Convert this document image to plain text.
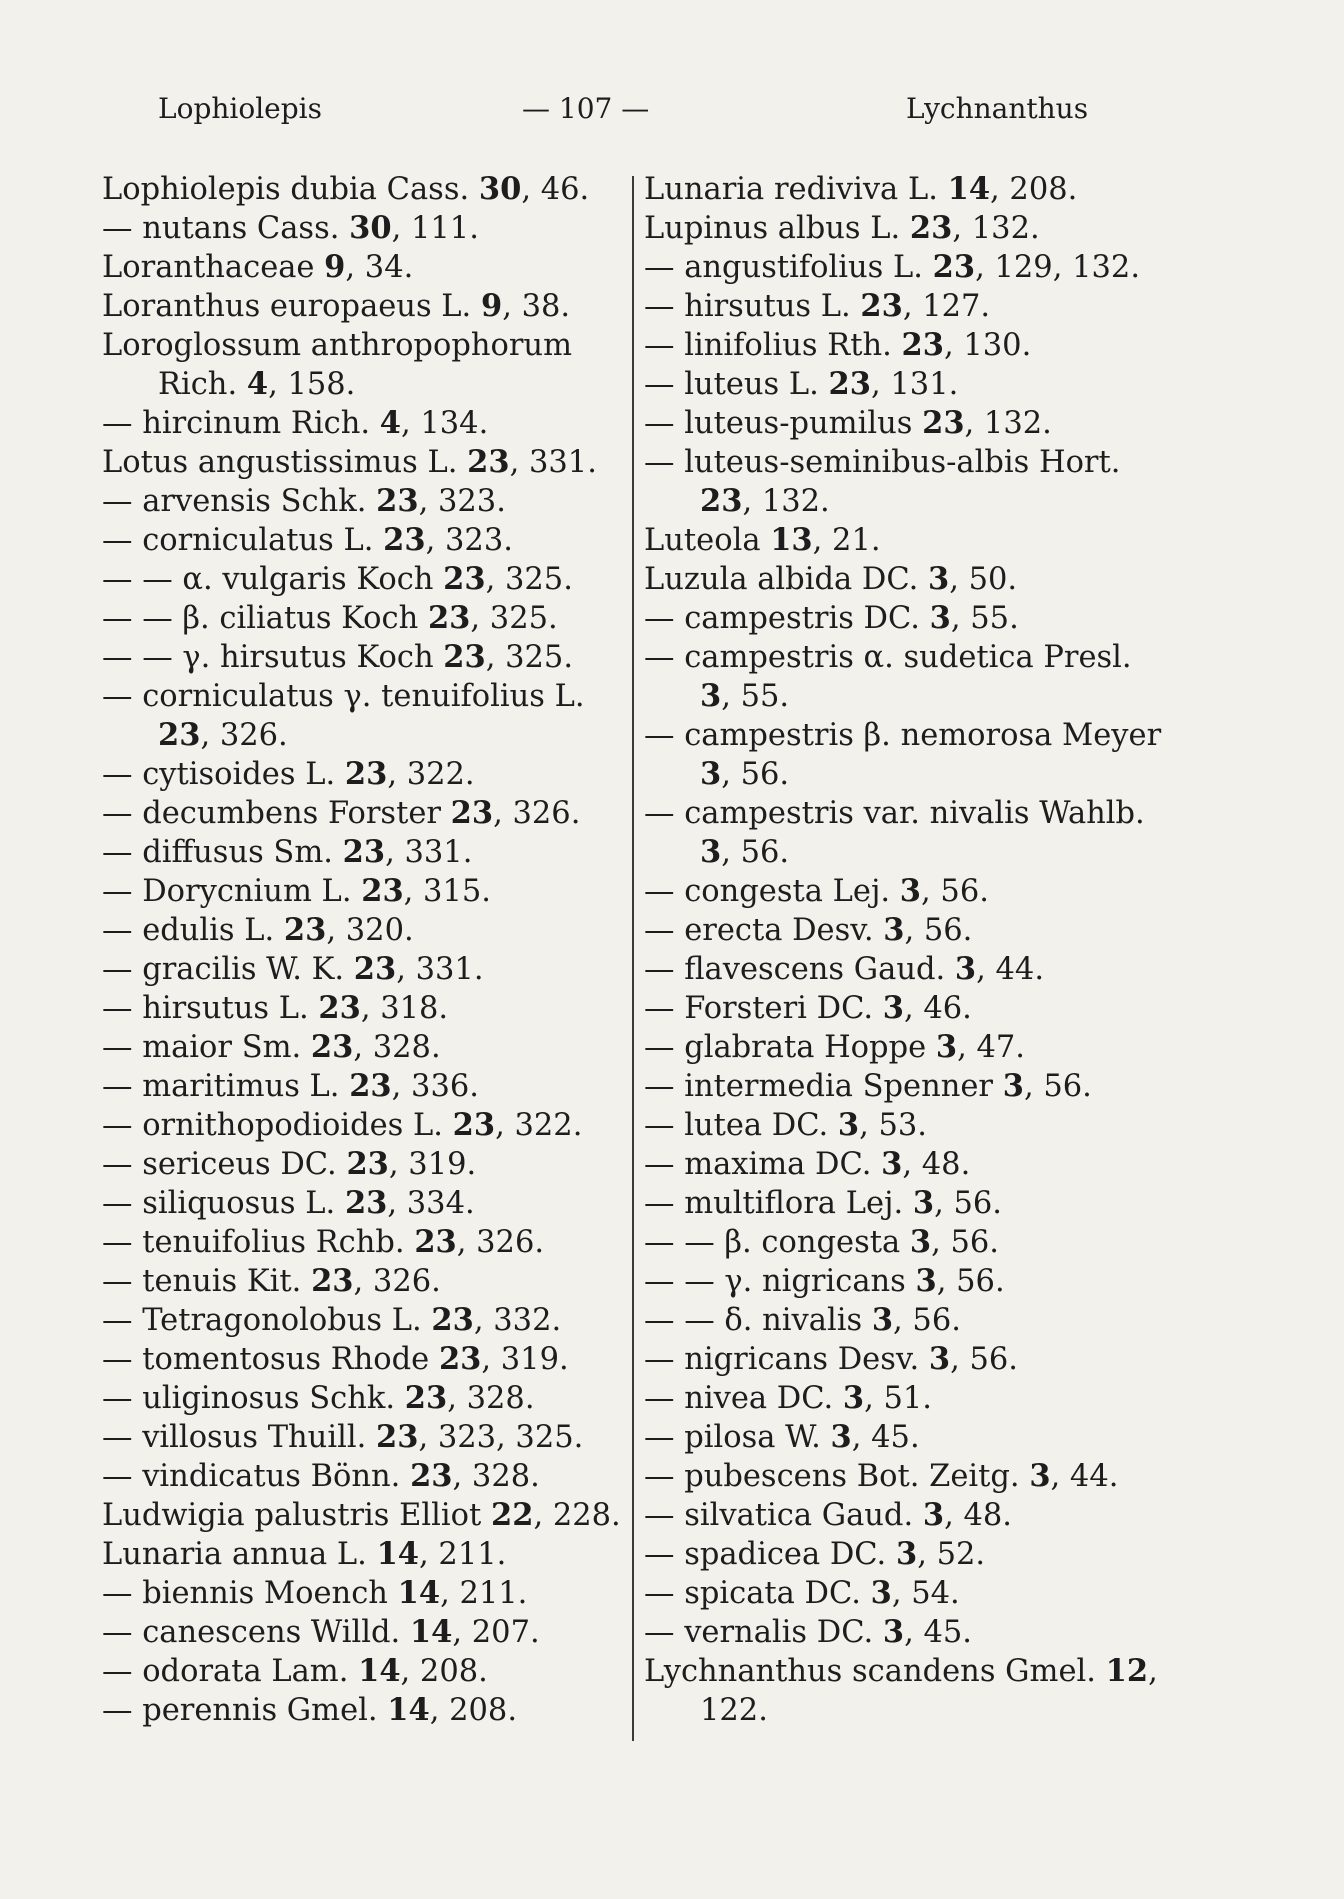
Lophiolepis	— 107 —	Lychnanthus
Lophiolepis dubia Cass. 30, 46.
— nutans Cass. 30, 111.
Loranthaceae 9, 34.
Loranthus europaeus L. 9, 38.
Loroglossum anthropophorum
Rich. 4, 158.
— hircinum Rich. 4, 134.
Lotus angustissimus L. 23, 331.
— arvensis Schk. 23, 323.
— corniculatus L. 23, 323.
— — α. vulgaris Koch 23, 325.
— — β. ciliatus Koch 23, 325.
— — γ. hirsutus Koch 23, 325.
— corniculatus γ. tenuifolius L.
23, 326.
— cytisoides L. 23, 322.
— decumbens Forster 23, 326.
— diffusus Sm. 23, 331.
— Dorycnium L. 23, 315.
— edulis L. 23, 320.
— gracilis W. K. 23, 331.
— hirsutus L. 23, 318.
— maior Sm. 23, 328.
— maritimus L. 23, 336.
— ornithopodioides L. 23, 322.
— sericeus DC. 23, 319.
— siliquosus L. 23, 334.
— tenuifolius Rchb. 23, 326.
— tenuis Kit. 23, 326.
— Tetragonolobus L. 23, 332.
— tomentosus Rhode 23, 319.
— uliginosus Schk. 23, 328.
— villosus Thuill. 23, 323, 325.
— vindicatus Bönn. 23, 328.
Ludwigia palustris Elliot 22, 228.
Lunaria annua L. 14, 211.
— biennis Moench 14, 211.
— canescens Willd. 14, 207.
— odorata Lam. 14, 208.
— perennis Gmel. 14, 208.
Lunaria rediviva L. 14, 208.
Lupinus albus L. 23, 132.
— angustifolius L. 23, 129, 132.
— hirsutus L. 23, 127.
— linifolius Rth. 23, 130.
— luteus L. 23, 131.
— luteus-pumilus 23, 132.
— luteus-seminibus-albis Hort.
23, 132.
Luteola 13, 21.
Luzula albida DC. 3, 50.
— campestris DC. 3, 55.
— campestris α. sudetica Presl.
3, 55.
— campestris β. nemorosa Meyer
3, 56.
— campestris var. nivalis Wahlb.
3, 56.
— congesta Lej. 3, 56.
— erecta Desv. 3, 56.
— flavescens Gaud. 3, 44.
— Forsteri DC. 3, 46.
— glabrata Hoppe 3, 47.
— intermedia Spenner 3, 56.
— lutea DC. 3, 53.
— maxima DC. 3, 48.
— multiflora Lej. 3, 56.
— — β. congesta 3, 56.
— — γ. nigricans 3, 56.
— — δ. nivalis 3, 56.
— nigricans Desv. 3, 56.
— nivea DC. 3, 51.
— pilosa W. 3, 45.
— pubescens Bot. Zeitg. 3, 44.
— silvatica Gaud. 3, 48.
— spadicea DC. 3, 52.
— spicata DC. 3, 54.
— vernalis DC. 3, 45.
Lychnanthus scandens Gmel. 12,
122.
